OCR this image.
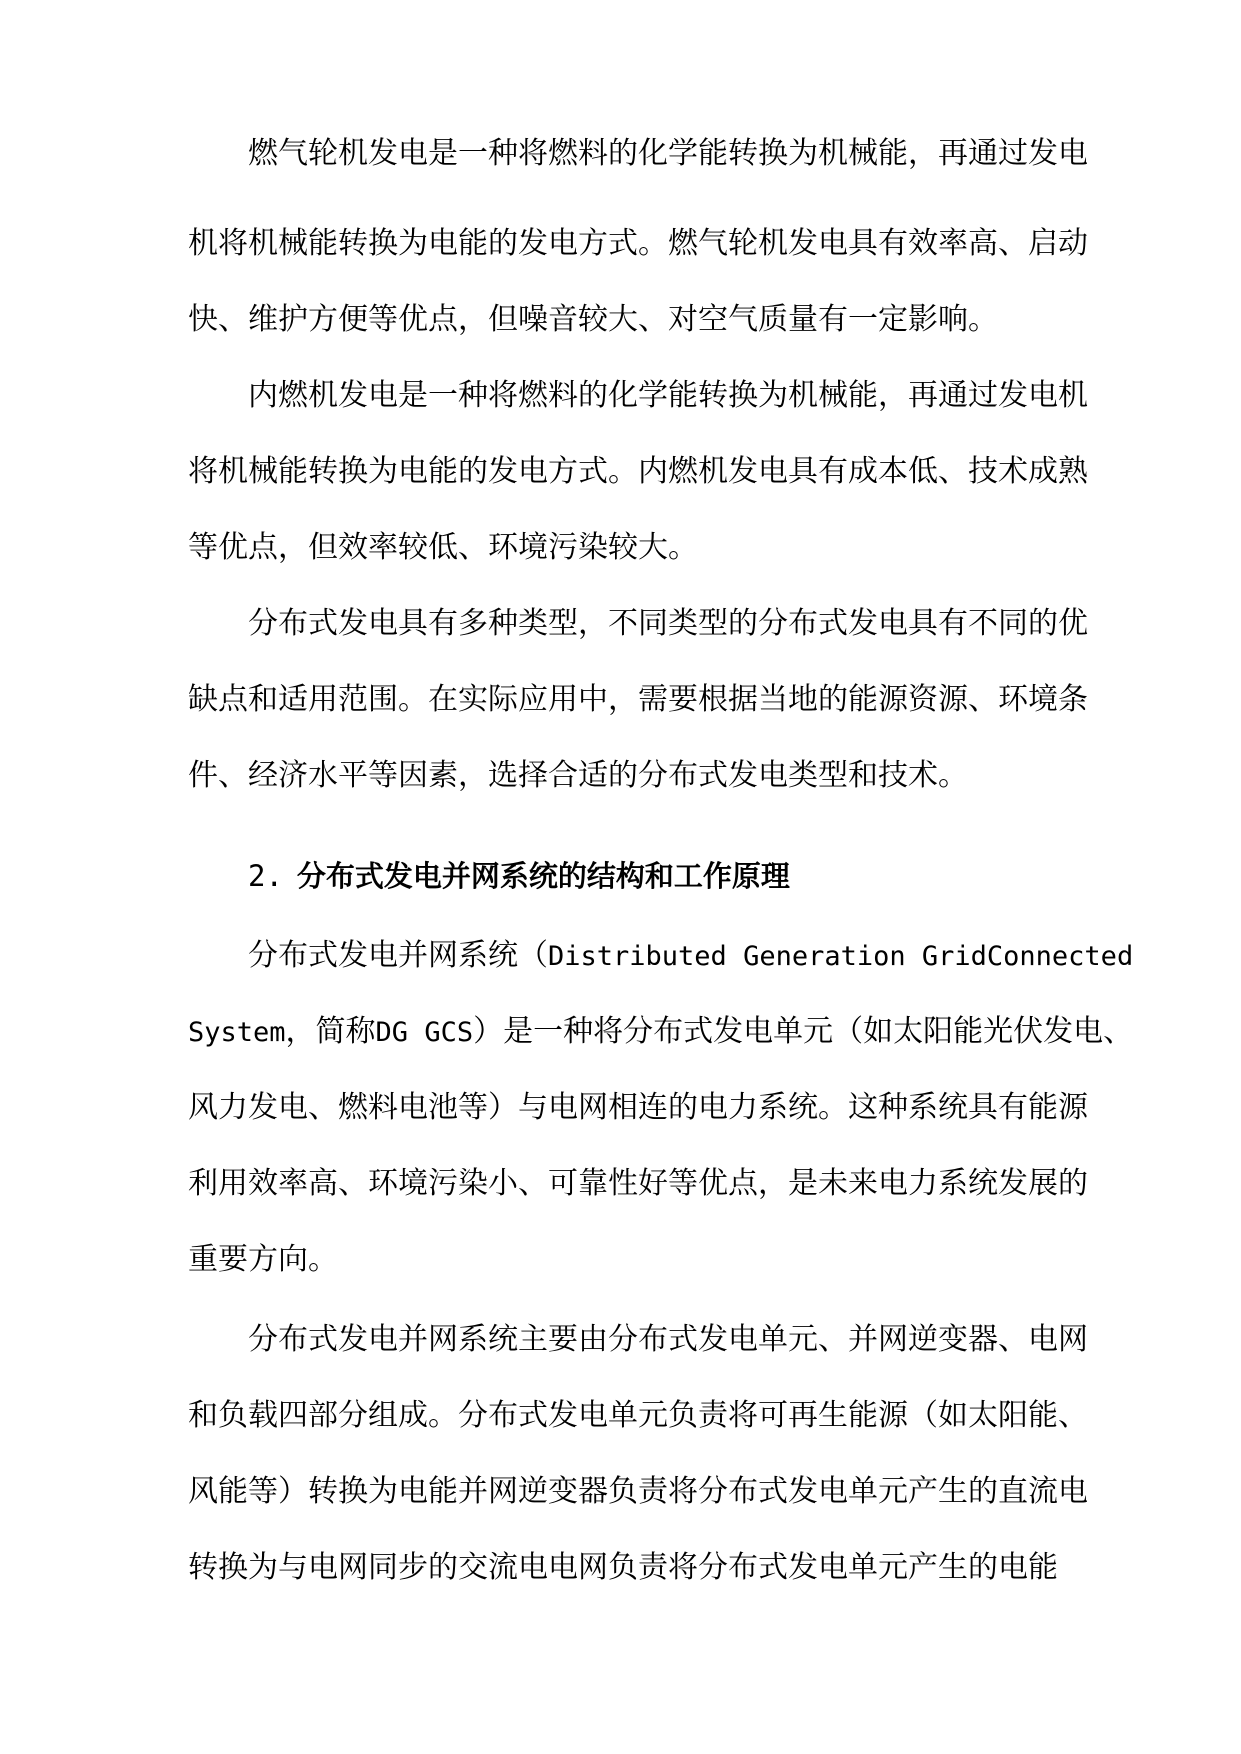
燃气轮机发电是一种将燃料的化学能转换为机械能，再通过发电
机将机械能转换为电能的发电方式。燃气轮机发电具有效率高、启动
快、维护方便等优点，但噪音较大、对空气质量有一定影响。
内燃机发电是一种将燃料的化学能转换为机械能，再通过发电机
将机械能转换为电能的发电方式。内燃机发电具有成本低、技术成熟
等优点，但效率较低、环境污染较大。
分布式发电具有多种类型，不同类型的分布式发电具有不同的优
缺点和适用范围。在实际应用中，需要根据当地的能源资源、环境条
件、经济水平等因素，选择合适的分布式发电类型和技术。
2. 分布式发电并网系统的结构和工作原理
分布式发电并网系统（Distributed Generation GridConnected
System，简称DG GCS）是一种将分布式发电单元（如太阳能光伏发电、
风力发电、燃料电池等）与电网相连的电力系统。这种系统具有能源
利用效率高、环境污染小、可靠性好等优点，是未来电力系统发展的
重要方向。
分布式发电并网系统主要由分布式发电单元、并网逆变器、电网
和负载四部分组成。分布式发电单元负责将可再生能源（如太阳能、
风能等）转换为电能并网逆变器负责将分布式发电单元产生的直流电
转换为与电网同步的交流电电网负责将分布式发电单元产生的电能
